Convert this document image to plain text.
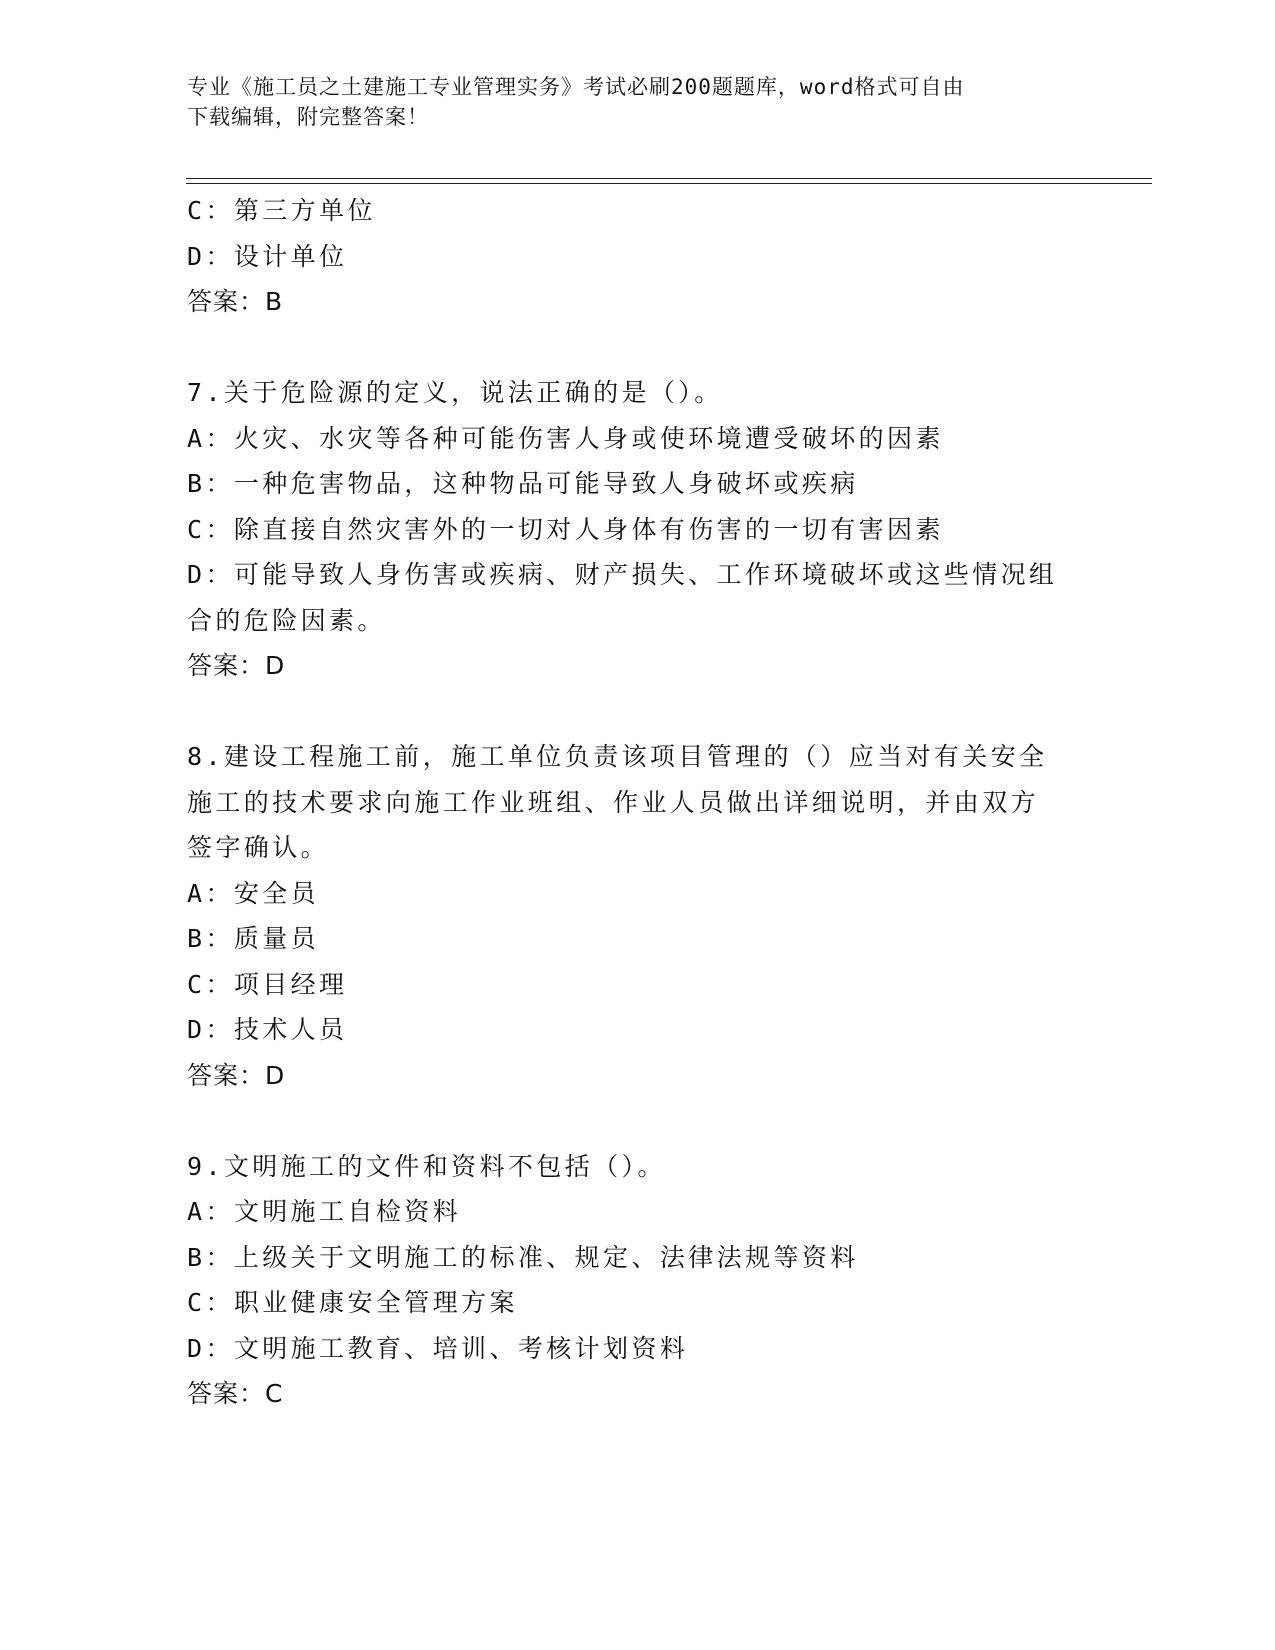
专业《施工员之土建施工专业管理实务》考试必刷200题题库，word格式可自由
下载编辑，附完整答案！
C：第三方单位
D：设计单位
答案：B
7.关于危险源的定义，说法正确的是（）。
A：火灾、水灾等各种可能伤害人身或使环境遭受破坏的因素
B：一种危害物品，这种物品可能导致人身破坏或疾病
C：除直接自然灾害外的一切对人身体有伤害的一切有害因素
D：可能导致人身伤害或疾病、财产损失、工作环境破坏或这些情况组
合的危险因素。
答案：D
8.建设工程施工前，施工单位负责该项目管理的（）应当对有关安全
施工的技术要求向施工作业班组、作业人员做出详细说明，并由双方
签字确认。
A：安全员
B：质量员
C：项目经理
D：技术人员
答案：D
9.文明施工的文件和资料不包括（）。
A：文明施工自检资料
B：上级关于文明施工的标准、规定、法律法规等资料
C：职业健康安全管理方案
D：文明施工教育、培训、考核计划资料
答案：C
